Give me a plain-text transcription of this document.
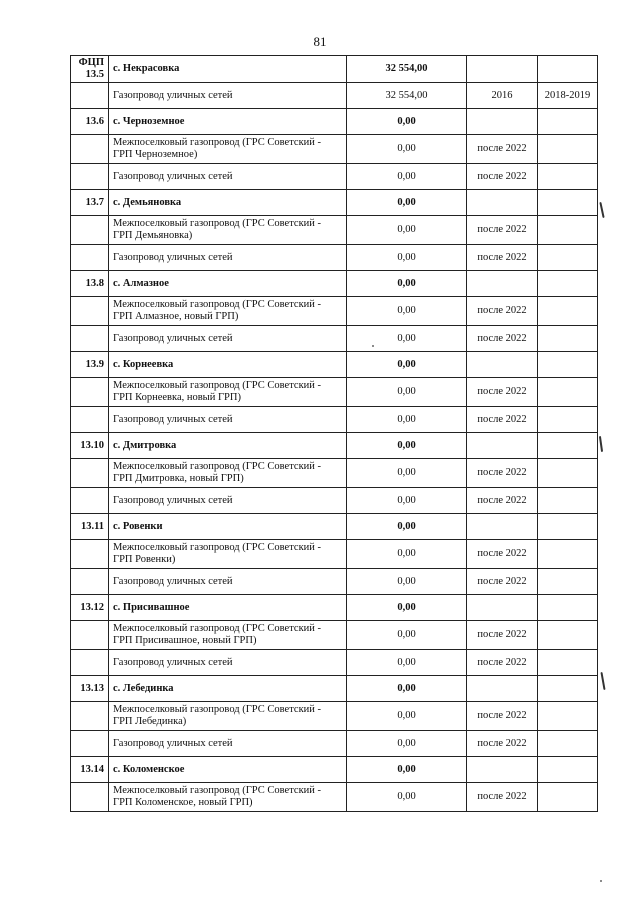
81
ФЦП 13.5	с. Некрасовка	32 554,00		
	Газопровод уличных сетей	32 554,00	2016	2018-2019
13.6	с. Черноземное	0,00		
	Межпоселковый газопровод (ГРС Советский - ГРП Черноземное)	0,00	после 2022	
	Газопровод уличных сетей	0,00	после 2022	
13.7	с. Демьяновка	0,00		
	Межпоселковый газопровод (ГРС Советский - ГРП Демьяновка)	0,00	после 2022	
	Газопровод уличных сетей	0,00	после 2022	
13.8	с. Алмазное	0,00		
	Межпоселковый газопровод (ГРС Советский - ГРП Алмазное, новый ГРП)	0,00	после 2022	
	Газопровод уличных сетей	0,00	после 2022	
13.9	с. Корнеевка	0,00		
	Межпоселковый газопровод (ГРС Советский - ГРП Корнеевка, новый ГРП)	0,00	после 2022	
	Газопровод уличных сетей	0,00	после 2022	
13.10	с. Дмитровка	0,00		
	Межпоселковый газопровод (ГРС Советский - ГРП Дмитровка, новый ГРП)	0,00	после 2022	
	Газопровод уличных сетей	0,00	после 2022	
13.11	с. Ровенки	0,00		
	Межпоселковый газопровод (ГРС Советский - ГРП Ровенки)	0,00	после 2022	
	Газопровод уличных сетей	0,00	после 2022	
13.12	с. Присивашное	0,00		
	Межпоселковый газопровод (ГРС Советский - ГРП Присивашное, новый ГРП)	0,00	после 2022	
	Газопровод уличных сетей	0,00	после 2022	
13.13	с. Лебединка	0,00		
	Межпоселковый газопровод (ГРС Советский - ГРП Лебединка)	0,00	после 2022	
	Газопровод уличных сетей	0,00	после 2022	
13.14	с. Коломенское	0,00		
	Межпоселковый газопровод (ГРС Советский - ГРП Коломенское, новый ГРП)	0,00	после 2022	
